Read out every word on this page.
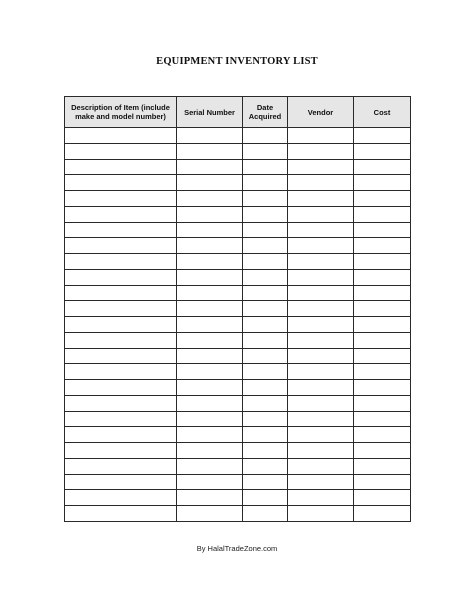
EQUIPMENT INVENTORY LIST
Description of Item (include make and model number)	Serial Number	Date Acquired	Vendor	Cost

By HalalTradeZone.com
